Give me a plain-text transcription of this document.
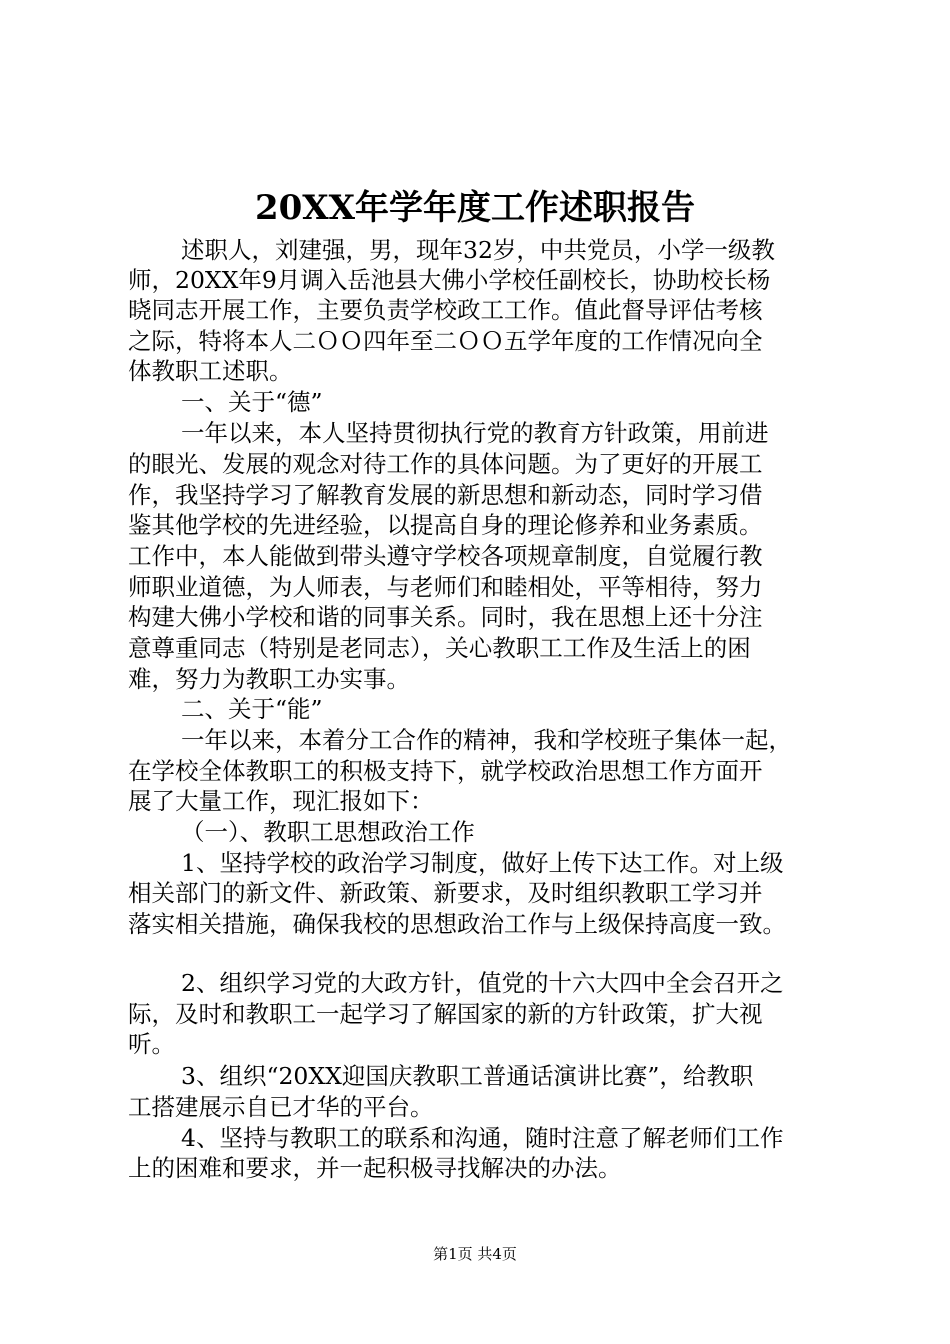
20XX年学年度工作述职报告
述职人，刘建强，男，现年32岁，中共党员，小学一级教
师，20XX年9月调入岳池县大佛小学校任副校长，协助校长杨
晓同志开展工作，主要负责学校政工工作。值此督导评估考核
之际，特将本人二ＯＯ四年至二ＯＯ五学年度的工作情况向全
体教职工述职。
一、关于“德”
一年以来，本人坚持贯彻执行党的教育方针政策，用前进
的眼光、发展的观念对待工作的具体问题。为了更好的开展工
作，我坚持学习了解教育发展的新思想和新动态，同时学习借
鉴其他学校的先进经验，以提高自身的理论修养和业务素质。
工作中，本人能做到带头遵守学校各项规章制度，自觉履行教
师职业道德，为人师表，与老师们和睦相处，平等相待，努力
构建大佛小学校和谐的同事关系。同时，我在思想上还十分注
意尊重同志（特别是老同志），关心教职工工作及生活上的困
难，努力为教职工办实事。
二、关于“能”
一年以来，本着分工合作的精神，我和学校班子集体一起，
在学校全体教职工的积极支持下，就学校政治思想工作方面开
展了大量工作，现汇报如下：
（一）、教职工思想政治工作
1、坚持学校的政治学习制度，做好上传下达工作。对上级
相关部门的新文件、新政策、新要求，及时组织教职工学习并
落实相关措施，确保我校的思想政治工作与上级保持高度一致。
2、组织学习党的大政方针，值党的十六大四中全会召开之
际，及时和教职工一起学习了解国家的新的方针政策，扩大视
听。
3、组织“20XX迎国庆教职工普通话演讲比赛”，给教职
工搭建展示自已才华的平台。
4、坚持与教职工的联系和沟通，随时注意了解老师们工作
上的困难和要求，并一起积极寻找解决的办法。
第1页 共4页
